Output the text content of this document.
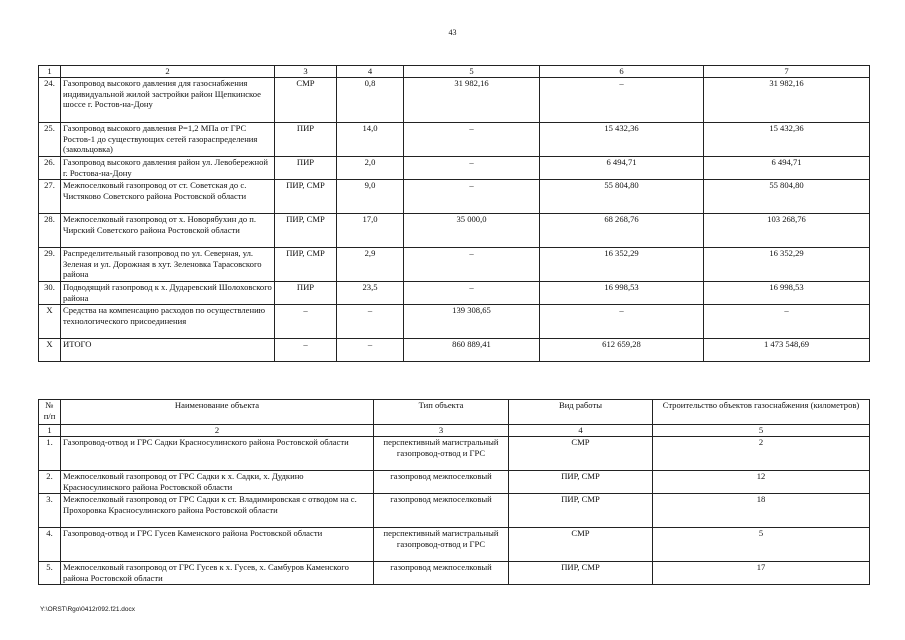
43
1	2	3	4	5	6	7
24.	Газопровод высокого давления для газоснабжения индивидуальной жилой застройки район Щепкинское шоссе г. Ростов-на-Дону	СМР	0,8	31 982,16	–	31 982,16
25.	Газопровод высокого давления Р=1,2 МПа от ГРС Ростов-1 до существующих сетей газораспределения (закольцовка)	ПИР	14,0	–	15 432,36	15 432,36
26.	Газопровод высокого давления район ул. Левобережной г. Ростова-на-Дону	ПИР	2,0	–	6 494,71	6 494,71
27.	Межпоселковый газопровод от ст. Советская до с. Чистяково Советского района Ростовской области	ПИР, СМР	9,0	–	55 804,80	55 804,80
28.	Межпоселковый газопровод от х. Новорябухин до п. Чирский Советского района Ростовской области	ПИР, СМР	17,0	35 000,0	68 268,76	103 268,76
29.	Распределительный газопровод по ул. Северная, ул. Зеленая и ул. Дорожная в хут. Зеленовка Тарасовского района	ПИР, СМР	2,9	–	16 352,29	16 352,29
30.	Подводящий газопровод к х. Дударевский Шолоховского района	ПИР	23,5	–	16 998,53	16 998,53
Х	Средства на компенсацию расходов по осуществлению технологического присоединения	–	–	139 308,65	–	–
Х	ИТОГО	–	–	860 889,41	612 659,28	1 473 548,69
№ п/п	Наименование объекта	Тип объекта	Вид работы	Строительство объектов газоснабжения (километров)
1	2	3	4	5
1.	Газопровод-отвод и ГРС Садки Красносулинского района Ростовской области	перспективный магистральный газопровод-отвод и ГРС	СМР	2
2.	Межпоселковый газопровод от ГРС Садки к х. Садки, х. Дудкино Красносулинского района Ростовской области	газопровод межпоселковый	ПИР, СМР	12
3.	Межпоселковый газопровод от ГРС Садки к ст. Владимировская с отводом на с. Прохоровка Красносулинского района Ростовской области	газопровод межпоселковый	ПИР, СМР	18
4.	Газопровод-отвод и ГРС Гусев Каменского района Ростовской области	перспективный магистральный газопровод-отвод и ГРС	СМР	5
5.	Межпоселковый газопровод от ГРС Гусев к х. Гусев, х. Самбуров Каменского района Ростовской области	газопровод межпоселковый	ПИР, СМР	17
Y:\ORST\Rgo\0412r092.f21.docx
